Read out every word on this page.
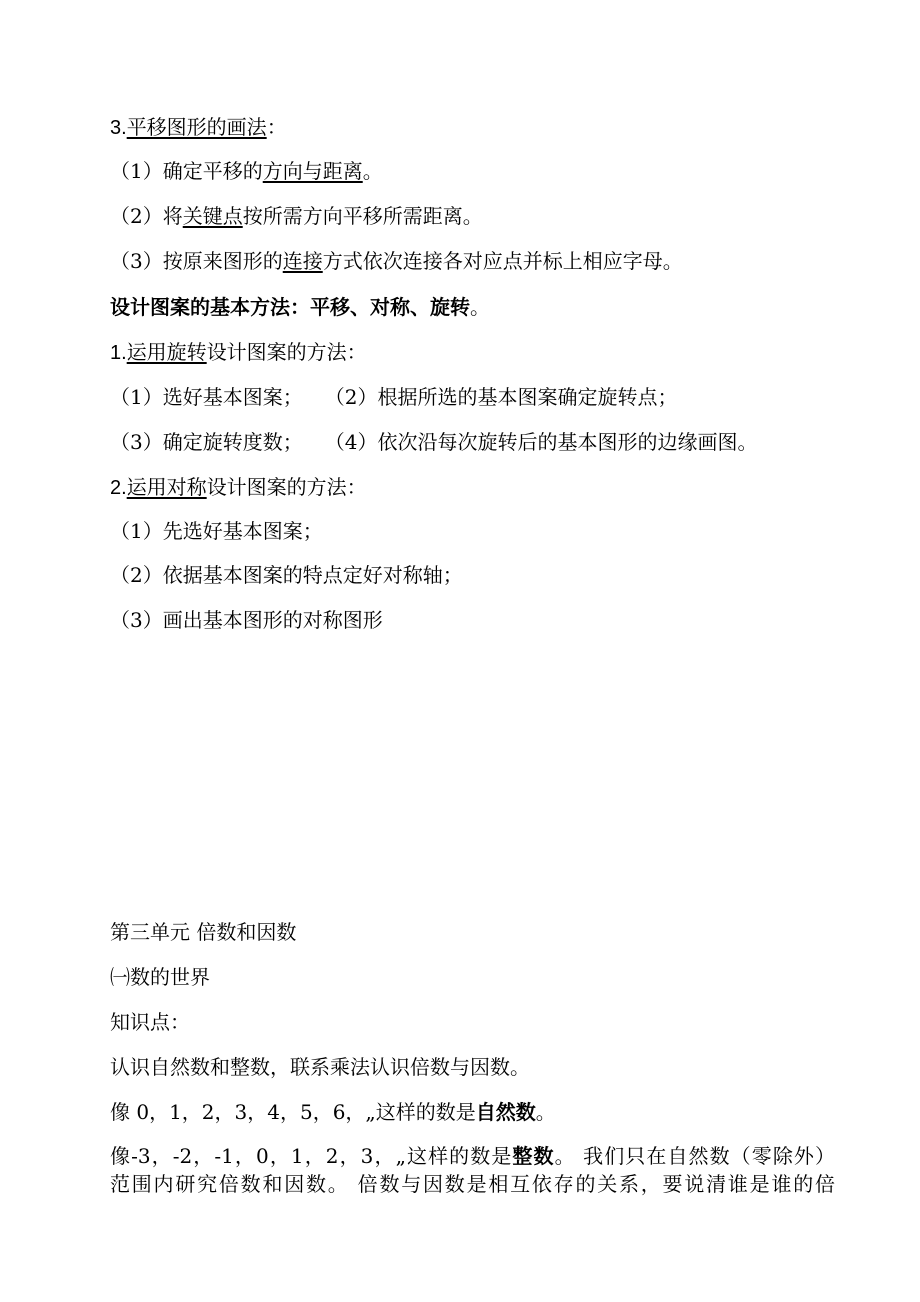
3.平移图形的画法：
（1）确定平移的方向与距离。
（2）将关键点按所需方向平移所需距离。
（3）按原来图形的连接方式依次连接各对应点并标上相应字母。
设计图案的基本方法：平移、对称、旋转。
1.运用旋转设计图案的方法：
（1）选好基本图案； （2）根据所选的基本图案确定旋转点；
（3）确定旋转度数； （4）依次沿每次旋转后的基本图形的边缘画图。
2.运用对称设计图案的方法：
（1）先选好基本图案；
（2）依据基本图案的特点定好对称轴；
（3）画出基本图形的对称图形
第三单元 倍数和因数
㈠数的世界
知识点：
认识自然数和整数，联系乘法认识倍数与因数。
像 0，1，2，3，4，5，6，„这样的数是自然数。
像-3，-2，-1，0，1，2，3，„这样的数是整数。 我们只在自然数（零除外）
范围内研究倍数和因数。 倍数与因数是相互依存的关系，要说清谁是谁的倍
